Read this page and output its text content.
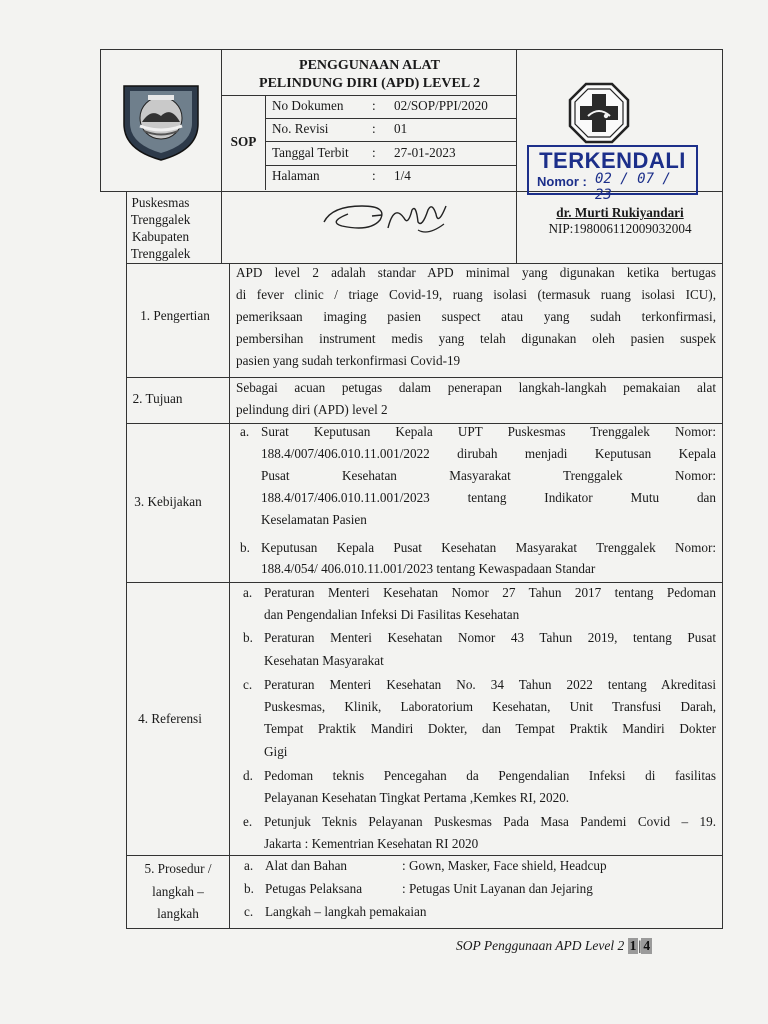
PENGGUNAAN ALAT
PELINDUNG DIRI (APD) LEVEL 2
SOP
No Dokumen : 02/SOP/PPI/2020
No. Revisi	: 01
Tanggal Terbit : 27-01-2023
Halaman	: 1/4
TERKENDALI
Nomor : 02 / 07 / 23
Puskesmas
Trenggalek
Kabupaten
Trenggalek
dr. Murti Rukiyandari
NIP:198006112009032004
1. Pengertian
APD level 2 adalah standar APD minimal yang digunakan ketika bertugas
di fever clinic / triage Covid-19, ruang isolasi (termasuk ruang isolasi ICU),
pemeriksaan imaging pasien suspect atau yang sudah terkonfirmasi,
pembersihan instrument medis yang telah digunakan oleh pasien suspek
pasien yang sudah terkonfirmasi Covid-19
2. Tujuan
Sebagai acuan petugas dalam penerapan langkah-langkah pemakaian alat
pelindung diri (APD) level 2
3. Kebijakan
a. Surat Keputusan Kepala UPT Puskesmas Trenggalek Nomor:
188.4/007/406.010.11.001/2022 dirubah menjadi Keputusan Kepala
Pusat Kesehatan Masyarakat Trenggalek Nomor:
188.4/017/406.010.11.001/2023 tentang Indikator Mutu dan
Keselamatan Pasien
b. Keputusan Kepala Pusat Kesehatan Masyarakat Trenggalek Nomor:
188.4/054/ 406.010.11.001/2023 tentang Kewaspadaan Standar
4. Referensi
a. Peraturan Menteri Kesehatan Nomor 27 Tahun 2017 tentang Pedoman
dan Pengendalian Infeksi Di Fasilitas Kesehatan
b. Peraturan Menteri Kesehatan Nomor 43 Tahun 2019, tentang Pusat
Kesehatan Masyarakat
c. Peraturan Menteri Kesehatan No. 34 Tahun 2022 tentang Akreditasi
Puskesmas, Klinik, Laboratorium Kesehatan, Unit Transfusi Darah,
Tempat Praktik Mandiri Dokter, dan Tempat Praktik Mandiri Dokter
Gigi
d. Pedoman teknis Pencegahan da Pengendalian Infeksi di fasilitas
Pelayanan Kesehatan Tingkat Pertama ,Kemkes RI, 2020.
e. Petunjuk Teknis Pelayanan Puskesmas Pada Masa Pandemi Covid – 19.
Jakarta : Kementrian Kesehatan RI 2020
5. Prosedur /
langkah –
langkah
a. Alat dan Bahan	: Gown, Masker, Face shield, Headcup
b. Petugas Pelaksana	: Petugas Unit Layanan dan Jejaring
c. Langkah – langkah pemakaian
SOP Penggunaan APD Level 2 1 | 4
